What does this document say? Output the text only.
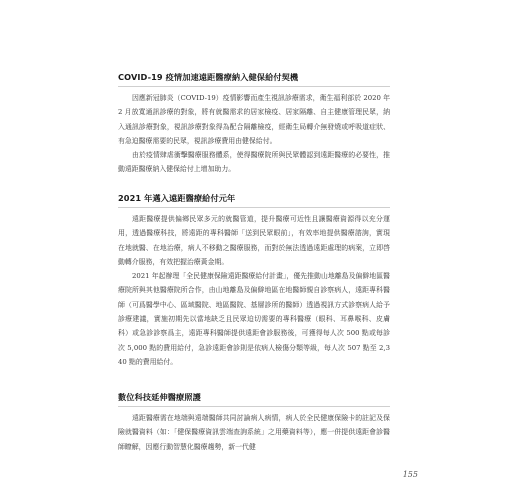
COVID-19 疫情加速遠距醫療納入健保給付契機

因應新冠肺炎（COVID-19）疫情影響而產生視訊診療需求，衛生福利部於 2020 年 2 月放寬通訊診療的對象，將有就醫需求的居家檢疫、居家隔離、自主健康管理民眾，納入通訊診療對象，視訊診療對象得為配合隔離檢疫，經衛生局轉介無發燒或呼吸道症狀、有急迫醫療需要的民眾，視訊診療費用由健保給付。

由於疫情肆虐衝擊醫療服務體系，使得醫療院所與民眾體認到遠距醫療的必要性，推動遠距醫療納入健保給付上增加助力。

2021 年邁入遠距醫療給付元年

遠距醫療提供偏鄉民眾多元的就醫管道，提升醫療可近性且讓醫療資源得以充分運用，透過醫療科技，將遠距的專科醫師「送到民眾眼前」，有效率地提供醫療諮詢，實現在地就醫、在地治療，病人不移動之醫療服務，而對於無法透過遠距處理的病案，立即啓動轉介服務，有效把握治療黃金期。

2021 年起辦理「全民健康保險遠距醫療給付計畫」，優先推動山地離島及偏僻地區醫療院所與其他醫療院所合作，由山地離島及偏僻地區在地醫師親自診察病人，遠距專科醫師（可爲醫學中心、區域醫院、地區醫院、基層診所的醫師）透過視訊方式診察病人給予診療建議，實施初期先以當地缺乏且民眾迫切需要的專科醫療（眼科、耳鼻喉科、皮膚科）或急診診察爲主，遠距專科醫師提供遠距會診服務後，可獲得每人次 500 點或每診次 5,000 點的費用給付，急診遠距會診則是依病人檢傷分類等級，每人次 507 點至 2,340 點的費用給付。

數位科技延伸醫療照護

遠距醫療需在地端與遠端醫師共同討論病人病情，病人於全民健康保險卡的註記及保險就醫資料（如：「健保醫療資訊雲端查詢系統」之用藥資料等），應一併提供遠距會診醫師瞭解，因應行動智慧化醫療趨勢，新一代健

155
